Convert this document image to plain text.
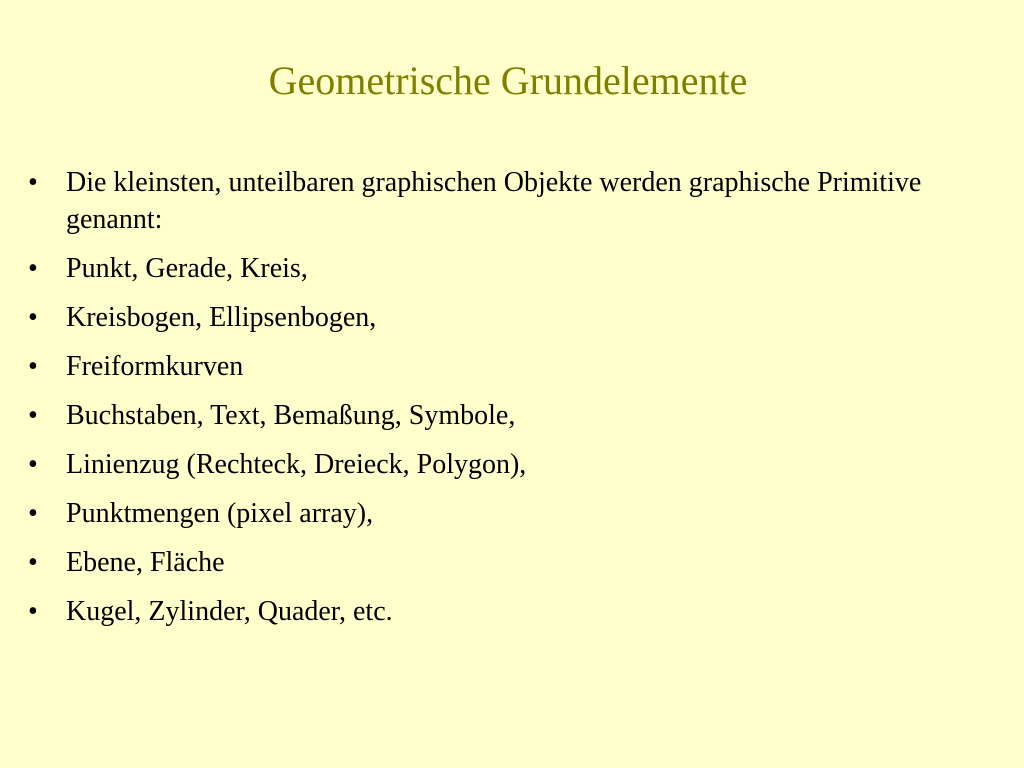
Geometrische Grundelemente
•	Die kleinsten, unteilbaren graphischen Objekte werden graphische Primitive genannt:
•	Punkt, Gerade, Kreis,
•	Kreisbogen, Ellipsenbogen,
•	Freiformkurven
•	Buchstaben, Text, Bemaßung, Symbole,
•	Linienzug (Rechteck, Dreieck, Polygon),
•	Punktmengen (pixel array),
•	Ebene, Fläche
•	Kugel, Zylinder, Quader, etc.
